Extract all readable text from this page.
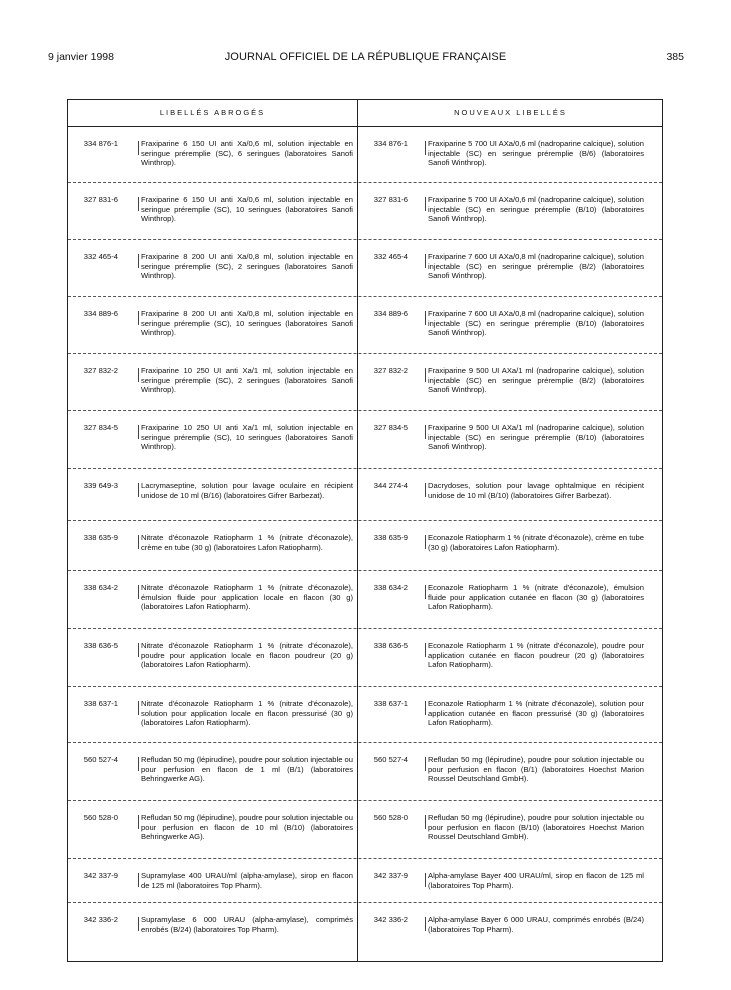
9 janvier 1998	JOURNAL OFFICIEL DE LA RÉPUBLIQUE FRANÇAISE	385
LIBELLÉS ABROGÉS	NOUVEAUX LIBELLÉS
334 876-1	Fraxiparine 6 150 UI anti Xa/0,6 ml, solution injectable en seringue préremplie (SC), 6 seringues (laboratoires Sanofi Winthrop).
334 876-1	Fraxiparine 5 700 UI AXa/0,6 ml (nadroparine calcique), solution injectable (SC) en seringue préremplie (B/6) (laboratoires Sanofi Winthrop).
327 831-6	Fraxiparine 6 150 UI anti Xa/0,6 ml, solution injectable en seringue préremplie (SC), 10 seringues (laboratoires Sanofi Winthrop).
327 831-6	Fraxiparine 5 700 UI AXa/0,6 ml (nadroparine calcique), solution injectable (SC) en seringue préremplie (B/10) (laboratoires Sanofi Winthrop).
332 465-4	Fraxiparine 8 200 UI anti Xa/0,8 ml, solution injectable en seringue préremplie (SC), 2 seringues (laboratoires Sanofi Winthrop).
332 465-4	Fraxiparine 7 600 UI AXa/0,8 ml (nadroparine calcique), solution injectable (SC) en seringue préremplie (B/2) (laboratoires Sanofi Winthrop).
334 889-6	Fraxiparine 8 200 UI anti Xa/0,8 ml, solution injectable en seringue préremplie (SC), 10 seringues (laboratoires Sanofi Winthrop).
334 889-6	Fraxiparine 7 600 UI AXa/0,8 ml (nadroparine calcique), solution injectable (SC) en seringue préremplie (B/10) (laboratoires Sanofi Winthrop).
327 832-2	Fraxiparine 10 250 UI anti Xa/1 ml, solution injectable en seringue préremplie (SC), 2 seringues (laboratoires Sanofi Winthrop).
327 832-2	Fraxiparine 9 500 UI AXa/1 ml (nadroparine calcique), solution injectable (SC) en seringue préremplie (B/2) (laboratoires Sanofi Winthrop).
327 834-5	Fraxiparine 10 250 UI anti Xa/1 ml, solution injectable en seringue préremplie (SC), 10 seringues (laboratoires Sanofi Winthrop).
327 834-5	Fraxiparine 9 500 UI AXa/1 ml (nadroparine calcique), solution injectable (SC) en seringue préremplie (B/10) (laboratoires Sanofi Winthrop).
339 649-3	Lacrymaseptine, solution pour lavage oculaire en récipient unidose de 10 ml (B/16) (laboratoires Gifrer Barbezat).
344 274-4	Dacrydoses, solution pour lavage ophtalmique en récipient unidose de 10 ml (B/10) (laboratoires Gifrer Barbezat).
338 635-9	Nitrate d'éconazole Ratiopharm 1 % (nitrate d'éconazole), crème en tube (30 g) (laboratoires Lafon Ratiopharm).
338 635-9	Econazole Ratiopharm 1 % (nitrate d'éconazole), crème en tube (30 g) (laboratoires Lafon Ratiopharm).
338 634-2	Nitrate d'éconazole Ratiopharm 1 % (nitrate d'éconazole), émulsion fluide pour application locale en flacon (30 g) (laboratoires Lafon Ratiopharm).
338 634-2	Econazole Ratiopharm 1 % (nitrate d'éconazole), émulsion fluide pour application cutanée en flacon (30 g) (laboratoires Lafon Ratiopharm).
338 636-5	Nitrate d'éconazole Ratiopharm 1 % (nitrate d'éconazole), poudre pour application locale en flacon poudreur (20 g) (laboratoires Lafon Ratiopharm).
338 636-5	Econazole Ratiopharm 1 % (nitrate d'éconazole), poudre pour application cutanée en flacon poudreur (20 g) (laboratoires Lafon Ratiopharm).
338 637-1	Nitrate d'éconazole Ratiopharm 1 % (nitrate d'éconazole), solution pour application locale en flacon pressurisé (30 g) (laboratoires Lafon Ratiopharm).
338 637-1	Econazole Ratiopharm 1 % (nitrate d'éconazole), solution pour application cutanée en flacon pressurisé (30 g) (laboratoires Lafon Ratiopharm).
560 527-4	Refludan 50 mg (lépirudine), poudre pour solution injectable ou pour perfusion en flacon de 1 ml (B/1) (laboratoires Behringwerke AG).
560 527-4	Refludan 50 mg (lépirudine), poudre pour solution injectable ou pour perfusion en flacon (B/1) (laboratoires Hoechst Marion Roussel Deutschland GmbH).
560 528-0	Refludan 50 mg (lépirudine), poudre pour solution injectable ou pour perfusion en flacon de 10 ml (B/10) (laboratoires Behringwerke AG).
560 528-0	Refludan 50 mg (lépirudine), poudre pour solution injectable ou pour perfusion en flacon (B/10) (laboratoires Hoechst Marion Roussel Deutschland GmbH).
342 337-9	Supramylase 400 URAU/ml (alpha-amylase), sirop en flacon de 125 ml (laboratoires Top Pharm).
342 337-9	Alpha-amylase Bayer 400 URAU/ml, sirop en flacon de 125 ml (laboratoires Top Pharm).
342 336-2	Supramylase 6 000 URAU (alpha-amylase), comprimés enrobés (B/24) (laboratoires Top Pharm).
342 336-2	Alpha-amylase Bayer 6 000 URAU, comprimés enrobés (B/24) (laboratoires Top Pharm).
